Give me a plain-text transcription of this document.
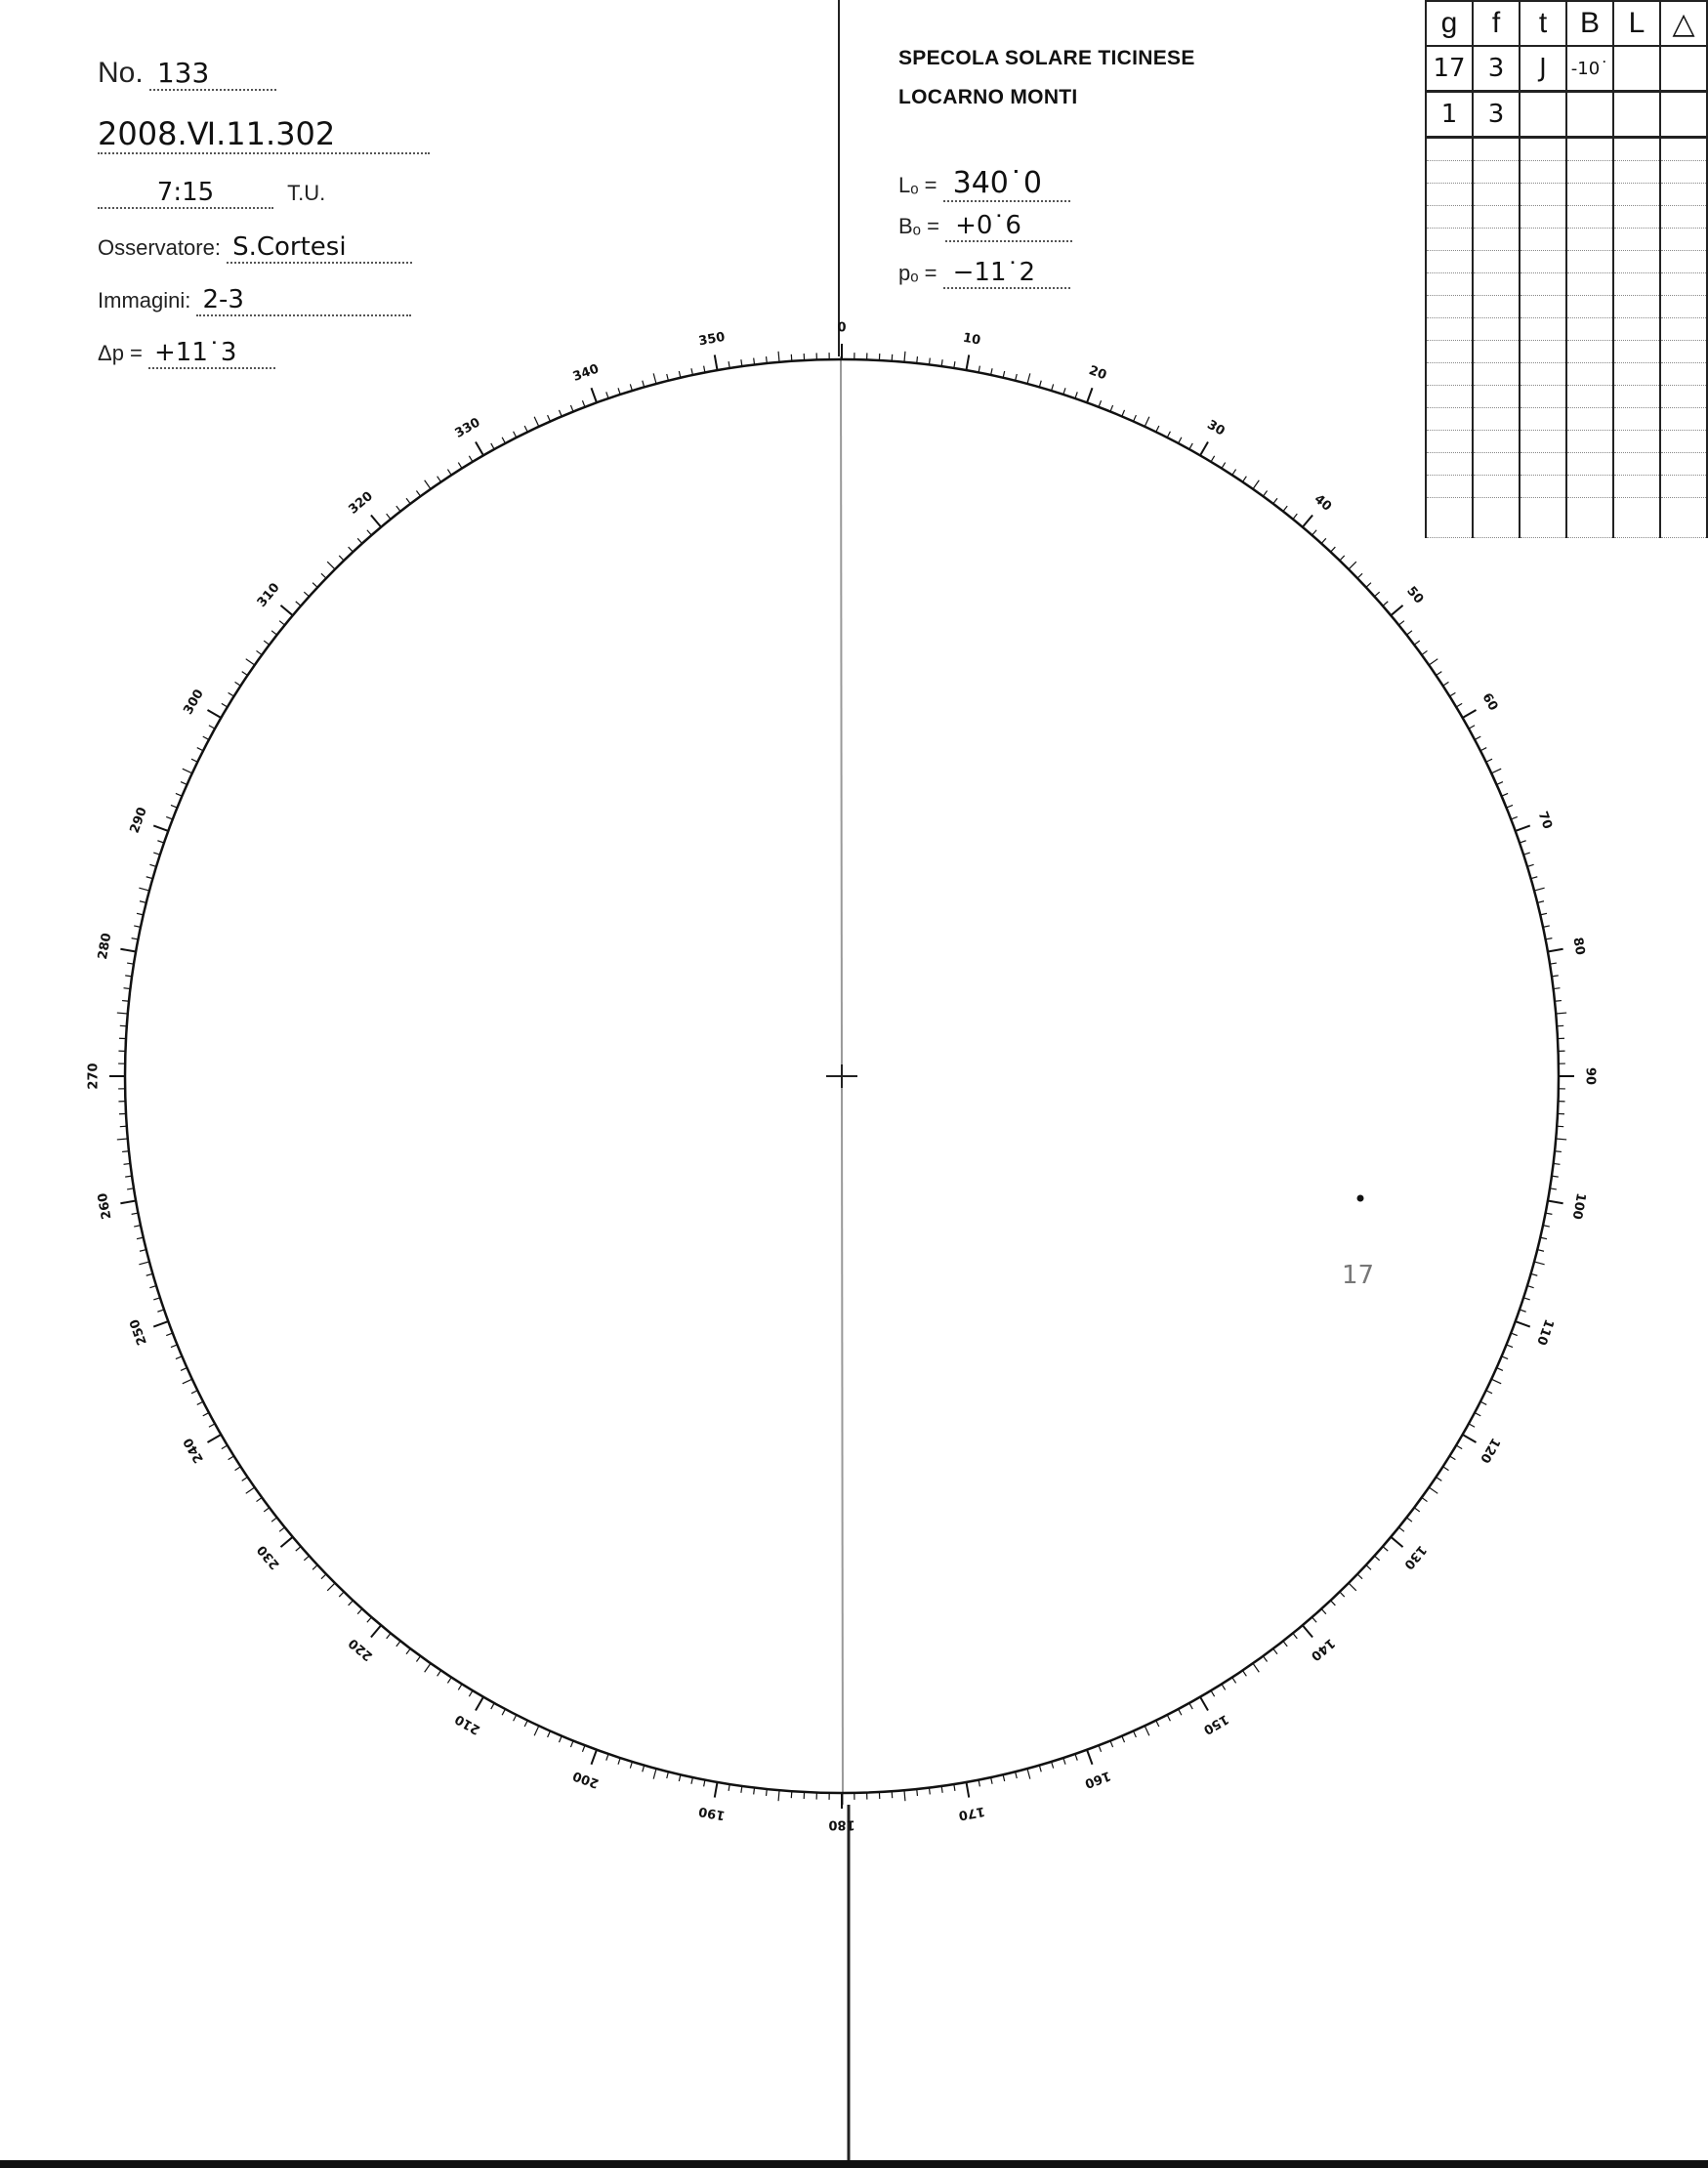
No. 133
2008.Ⅵ.11.302
7:15	T.U.
Osservatore: S.Cortesi
Immagini: 2-3
Δp = +11˙3
SPECOLA SOLARE TICINESE
LOCARNO MONTI
Lₒ = 340˙0
Bₒ = +0˙6
pₒ = −11˙2
g	f	t	B	L	△
17	3	J	-10˙		
1	3				

0
10
20
30
40
50
60
70
80
90
100
110
120
130
140
150
160
170
180
190
200
210
220
230
240
250
260
270
280
290
300
310
320
330
340
350
17
